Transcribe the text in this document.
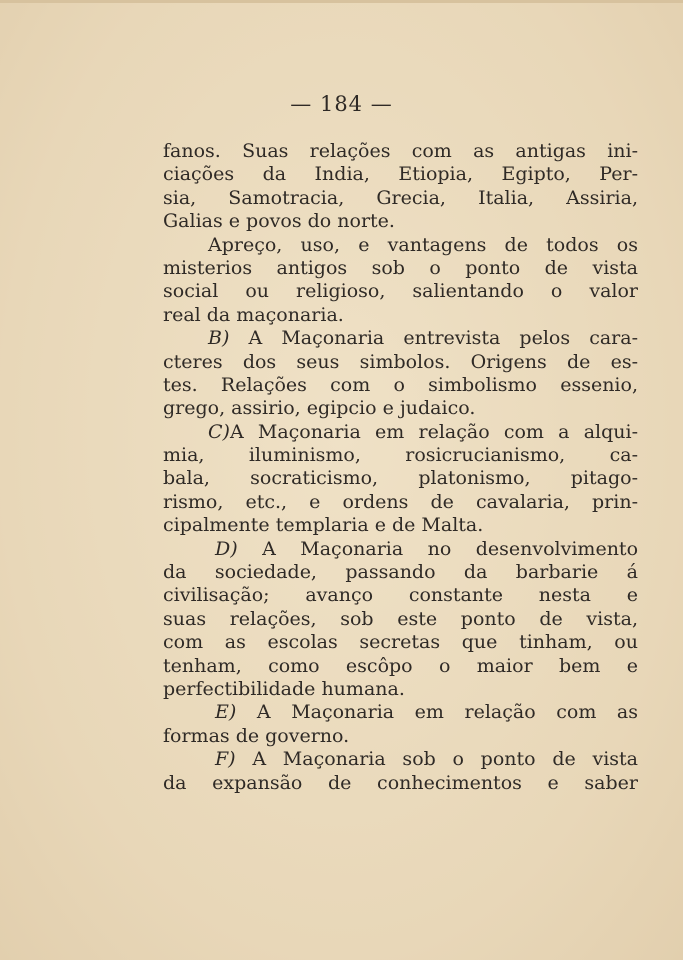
— 184 —
fanos. Suas relações com as antigas ini-
ciações da India, Etiopia, Egipto, Per-
sia, Samotracia, Grecia, Italia, Assiria,
Galias e povos do norte.
Apreço, uso, e vantagens de todos os
misterios antigos sob o ponto de vista
social ou religioso, salientando o valor
real da maçonaria.
B) A Maçonaria entrevista pelos cara-
cteres dos seus simbolos. Origens de es-
tes. Relações com o simbolismo essenio,
grego, assirio, egipcio e judaico.
C)A Maçonaria em relação com a alqui-
mia, iluminismo, rosicrucianismo, ca-
bala, socraticismo, platonismo, pitago-
rismo, etc., e ordens de cavalaria, prin-
cipalmente templaria e de Malta.
D) A Maçonaria no desenvolvimento
da sociedade, passando da barbarie á
civilisação; avanço constante nesta e
suas relações, sob este ponto de vista,
com as escolas secretas que tinham, ou
tenham, como escôpo o maior bem e
perfectibilidade humana.
E) A Maçonaria em relação com as
formas de governo.
F) A Maçonaria sob o ponto de vista
da expansão de conhecimentos e saber
